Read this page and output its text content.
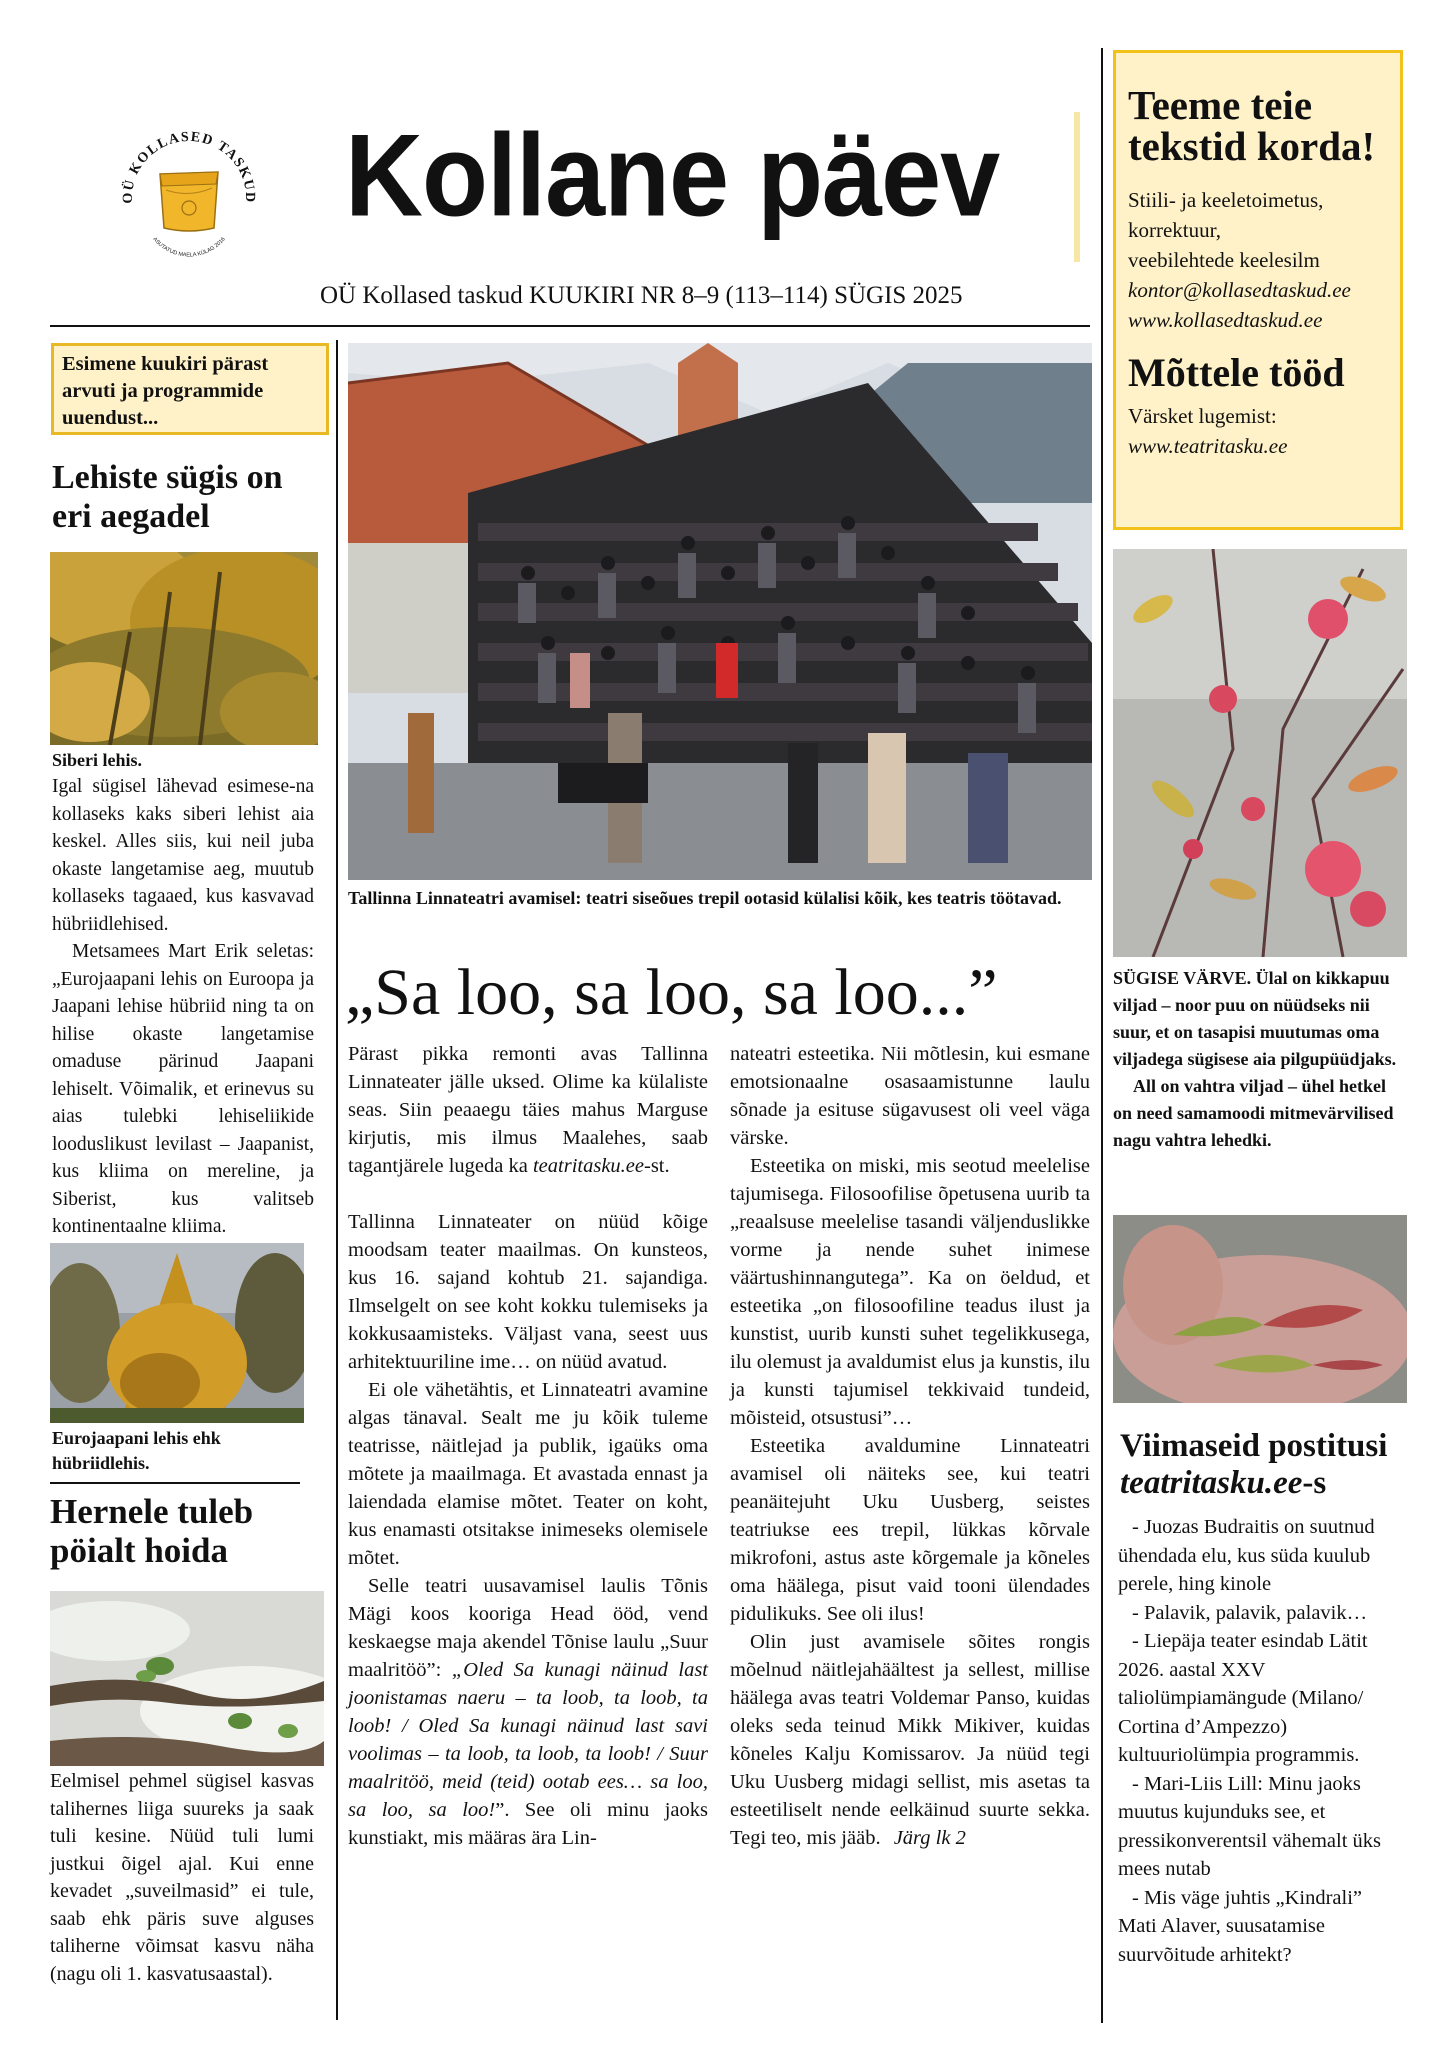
OÜ KOLLASED TASKUD
ASUTATUD MAELA KÜLAG 2016 Kollane päev
OÜ Kollased taskud KUUKIRI NR 8–9 (113–114) SÜGIS 2025
Teeme teie tekstid korda!
Stiili- ja keeletoimetus,
korrektuur,
veebilehtede keelesilm
kontor@kollasedtaskud.ee
www.kollasedtaskud.ee
Mõttele tööd
Värsket lugemist:
www.teatritasku.ee
Esimene kuukiri pärast arvuti ja programmide uuendust...
Lehiste sügis on eri aegadel
Siberi lehis.

Igal sügisel lähevad esimese-na kollaseks kaks siberi lehist aia keskel. Alles siis, kui neil juba okaste langetamise aeg, muutub kollaseks tagaaed, kus kasvavad hübriidlehised.

Metsamees Mart Erik seletas: „Eurojaapani lehis on Euroopa ja Jaapani lehise hübriid ning ta on hilise okaste langetamise omaduse pärinud Jaapani lehiselt. Võimalik, et erinevus su aias tulebki lehiseliikide looduslikust levilast – Jaapanist, kus kliima on mereline, ja Siberist, kus valitseb kontinentaalne kliima.

Eurojaapani lehis ehk hübriidlehis.
Hernele tuleb pöialt hoida
Eelmisel pehmel sügisel kasvas talihernes liiga suureks ja saak tuli kesine. Nüüd tuli lumi justkui õigel ajal. Kui enne kevadet „suveilmasid” ei tule, saab ehk päris suve alguses taliherne võimsat kasvu näha (nagu oli 1. kasvatusaastal).
Tallinna Linnateatri avamisel: teatri siseõues trepil ootasid külalisi kõik, kes teatris töötavad.
„Sa loo, sa loo, sa loo...”

Pärast pikka remonti avas Tallinna Linnateater jälle uksed. Olime ka külaliste seas. Siin peaaegu täies mahus Marguse kirjutis, mis ilmus Maalehes, saab tagantjärele lugeda ka teatritasku.ee-st.

Tallinna Linnateater on nüüd kõige moodsam teater maailmas. On kunsteos, kus 16. sajand kohtub 21. sajandiga. Ilmselgelt on see koht kokku tulemiseks ja kokkusaamisteks. Väljast vana, seest uus arhitektuuriline ime… on nüüd avatud.

Ei ole vähetähtis, et Linnateatri avamine algas tänaval. Sealt me ju kõik tuleme teatrisse, näitlejad ja publik, igaüks oma mõtete ja maailmaga. Et avastada ennast ja laiendada elamise mõtet. Teater on koht, kus enamasti otsitakse inimeseks olemisele mõtet.

Selle teatri uusavamisel laulis Tõnis Mägi koos kooriga Head ööd, vend keskaegse maja akendel Tõnise laulu „Suur maalritöö”: „Oled Sa kunagi näinud last joonistamas naeru – ta loob, ta loob, ta loob! / Oled Sa kunagi näinud last savi voolimas – ta loob, ta loob, ta loob! / Suur maalritöö, meid (teid) ootab ees… sa loo, sa loo, sa loo!”. See oli minu jaoks kunstiakt, mis määras ära Lin-

nateatri esteetika. Nii mõtlesin, kui esmane emotsionaalne osasaamistunne laulu sõnade ja esituse sügavusest oli veel väga värske.

Esteetika on miski, mis seotud meelelise tajumisega. Filosoofilise õpetusena uurib ta „reaalsuse meelelise tasandi väljenduslikke vorme ja nende suhet inimese väärtushinnangutega”. Ka on öeldud, et esteetika „on filosoofiline teadus ilust ja kunstist, uurib kunsti suhet tegelikkusega, ilu olemust ja avaldumist elus ja kunstis, ilu ja kunsti tajumisel tekkivaid tundeid, mõisteid, otsustusi”…

Esteetika avaldumine Linnateatri avamisel oli näiteks see, kui teatri peanäitejuht Uku Uusberg, seistes teatriukse ees trepil, lükkas kõrvale mikrofoni, astus aste kõrgemale ja kõneles oma häälega, pisut vaid tooni ülendades pidulikuks. See oli ilus!

Olin just avamisele sõites rongis mõelnud näitlejahäältest ja sellest, millise häälega avas teatri Voldemar Panso, kuidas oleks seda teinud Mikk Mikiver, kuidas kõneles Kalju Komissarov. Ja nüüd tegi Uku Uusberg midagi sellist, mis asetas ta esteetiliselt nende eelkäinud suurte sekka. Tegi teo, mis jääb. Järg lk 2

SÜGISE VÄRVE. Ülal on kikkapuu viljad – noor puu on nüüdseks nii suur, et on tasapisi muutumas oma viljadega sügisese aia pilgupüüdjaks.
All on vahtra viljad – ühel hetkel on need samamoodi mitmevärvilised nagu vahtra lehedki.
Viimaseid postitusi
teatritasku.ee-s
- Juozas Budraitis on suutnud ühendada elu, kus süda kuulub perele, hing kinole
- Palavik, palavik, palavik…
- Liepäja teater esindab Lätit 2026. aastal XXV taliolümpiamängude (Milano/ Cortina d’Ampezzo) kultuuriolümpia programmis.
- Mari-Liis Lill: Minu jaoks muutus kujunduks see, et pressikonverentsil vähemalt üks mees nutab
- Mis väge juhtis „Kindrali” Mati Alaver, suusatamise suurvõitude arhitekt?
